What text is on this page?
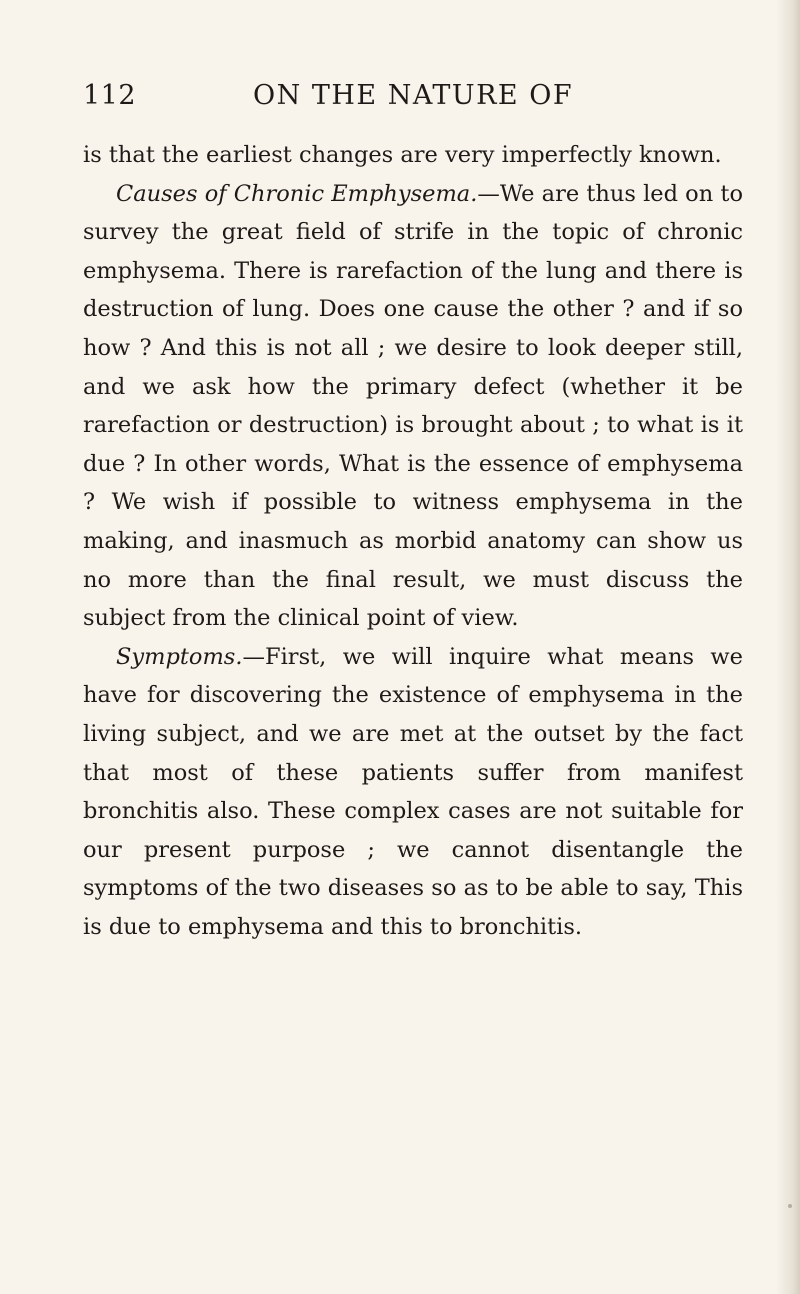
112	ON THE NATURE OF

is that the earliest changes are very imperfectly known.

Causes of Chronic Emphysema.—We are thus led on to survey the great field of strife in the topic of chronic emphysema. There is rarefaction of the lung and there is destruction of lung. Does one cause the other ? and if so how ? And this is not all ; we desire to look deeper still, and we ask how the primary defect (whether it be rarefaction or destruction) is brought about ; to what is it due ? In other words, What is the essence of emphysema ? We wish if possible to witness emphysema in the making, and inasmuch as morbid anatomy can show us no more than the final result, we must discuss the subject from the clinical point of view.

Symptoms.—First, we will inquire what means we have for discovering the existence of emphysema in the living subject, and we are met at the outset by the fact that most of these patients suffer from manifest bronchitis also. These complex cases are not suitable for our present purpose ; we cannot disentangle the symptoms of the two diseases so as to be able to say, This is due to emphysema and this to bronchitis.
